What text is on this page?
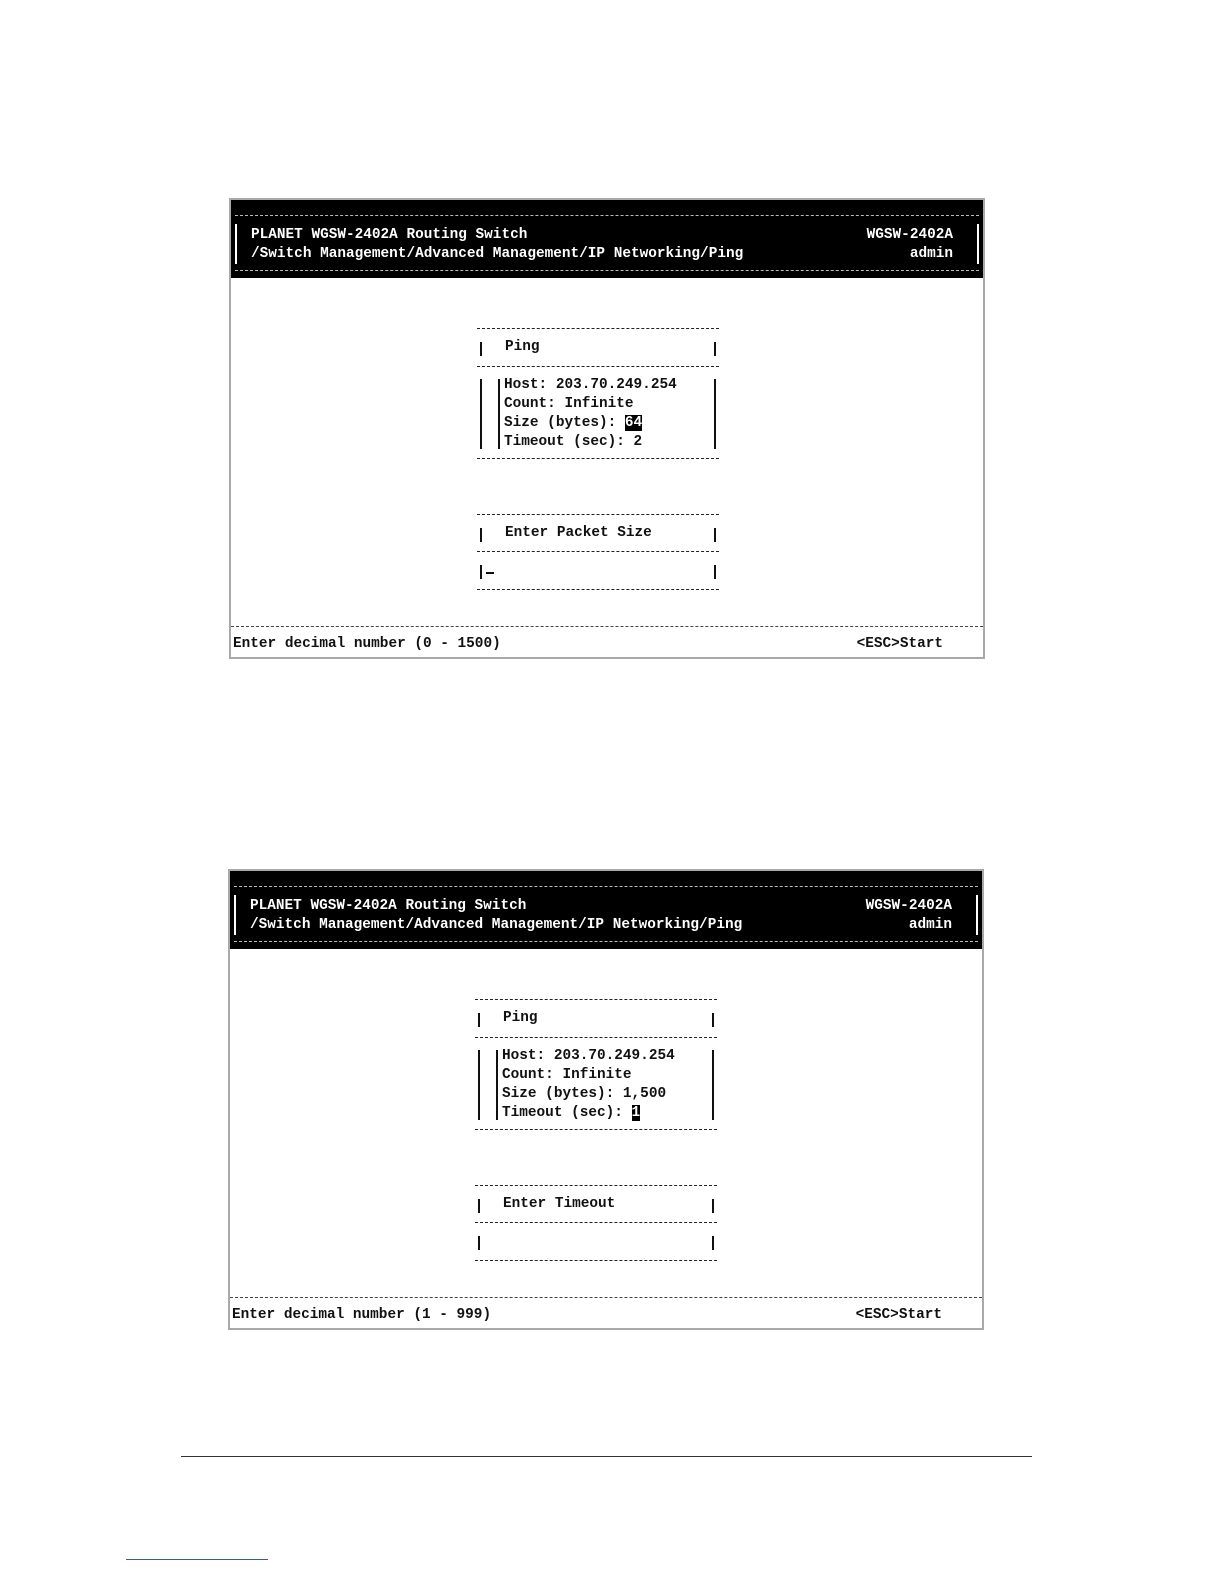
PLANET WGSW-2402A Routing Switch
/Switch Management/Advanced Management/IP Networking/Ping
WGSW-2402A
admin
Ping
Host: 203.70.249.254
Count: Infinite
Size (bytes): 64
Timeout (sec): 2
Enter Packet Size
Enter decimal number (0 - 1500)	<ESC>Start
PLANET WGSW-2402A Routing Switch
/Switch Management/Advanced Management/IP Networking/Ping
WGSW-2402A
admin
Ping
Host: 203.70.249.254
Count: Infinite
Size (bytes): 1,500
Timeout (sec): 1
Enter Timeout
Enter decimal number (1 - 999)	<ESC>Start
